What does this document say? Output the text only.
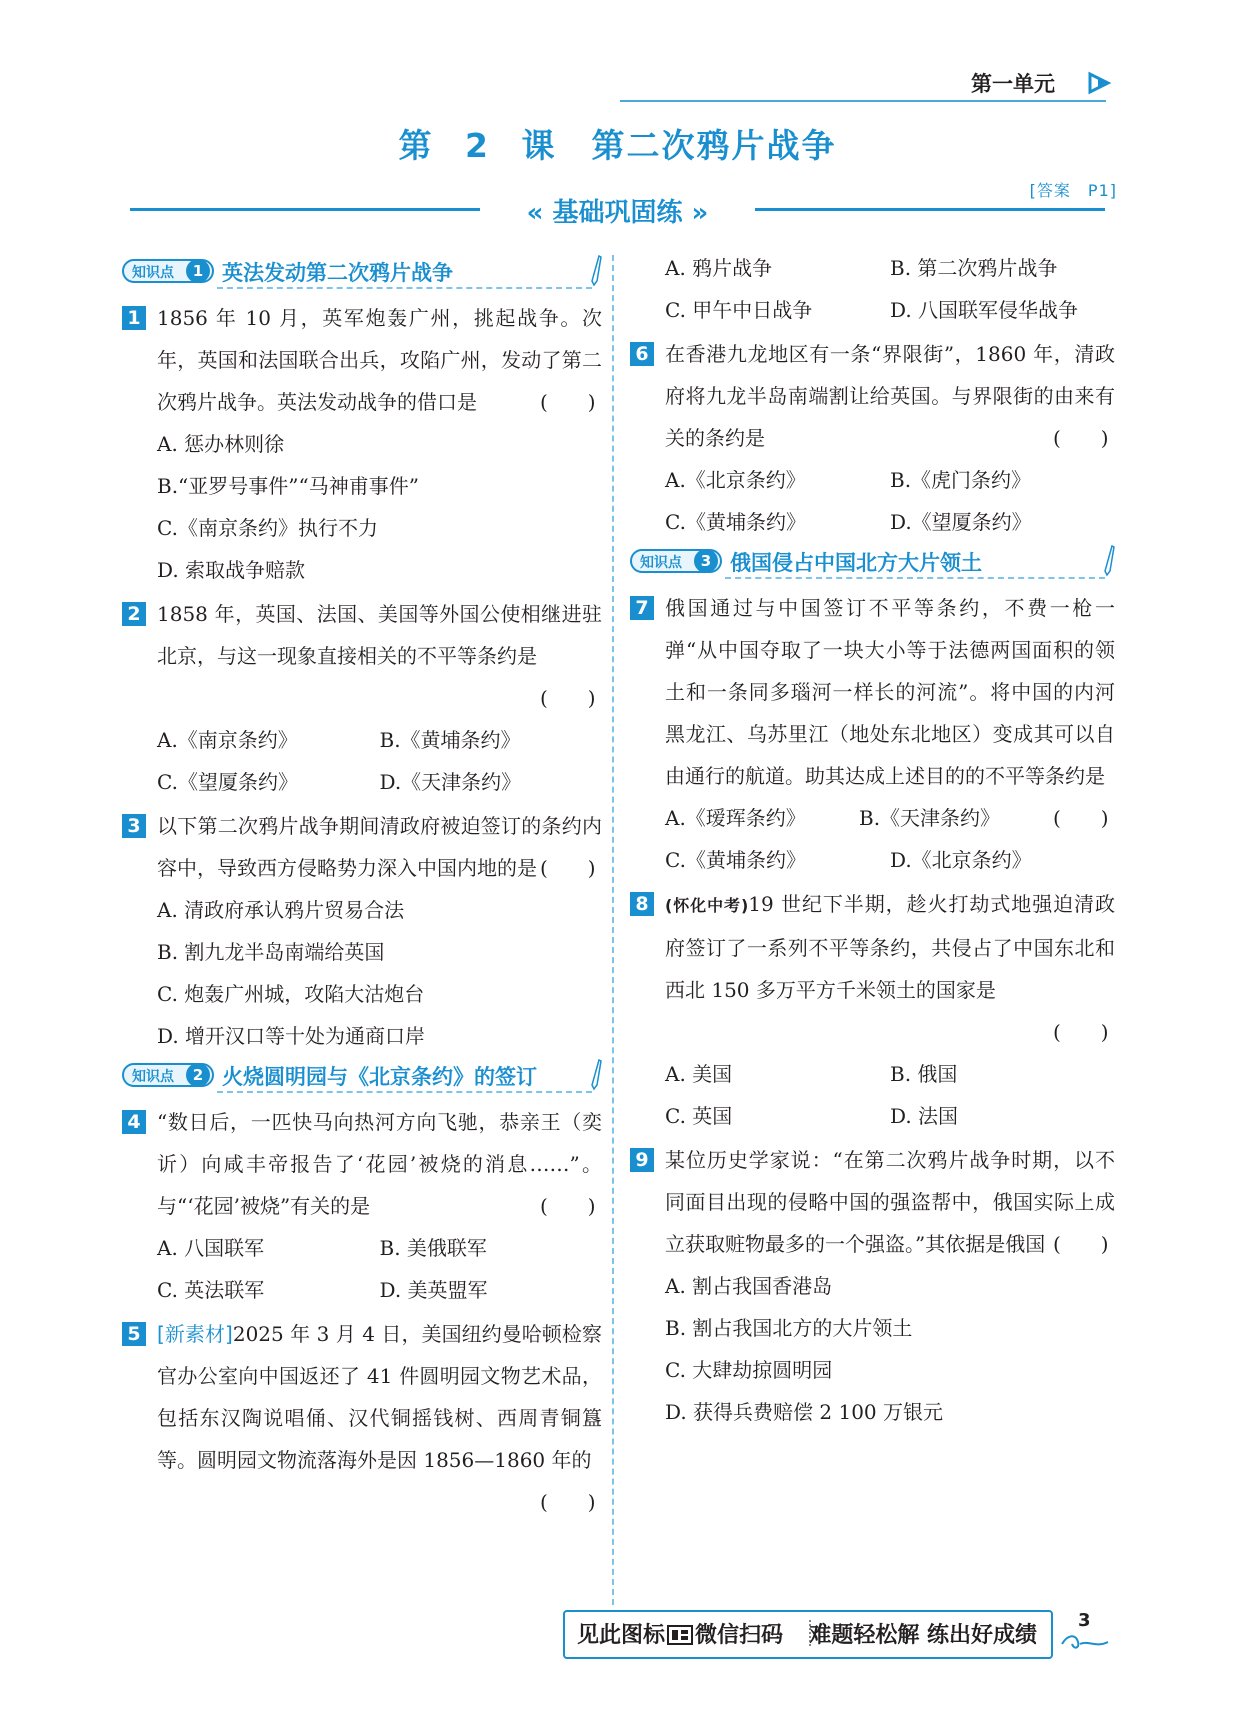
第一单元
第 2 课　第二次鸦片战争
[答案　P1]
« 基础巩固练 »
知识点	1 英法发动第二次鸦片战争
1 1856 年 10 月，英军炮轰广州，挑起战争。次年，英国和法国联合出兵，攻陷广州，发动了第二次鸦片战争。英法发动战争的借口是	(　　)
A. 惩办林则徐
B.“亚罗号事件”“马神甫事件”
C.《南京条约》执行不力
D. 索取战争赔款
2 1858 年，英国、法国、美国等外国公使相继进驻北京，与这一现象直接相关的不平等条约是
(　　)
A.《南京条约》	B.《黄埔条约》
C.《望厦条约》	D.《天津条约》
3 以下第二次鸦片战争期间清政府被迫签订的条约内容中，导致西方侵略势力深入中国内地的是 (　　)
A. 清政府承认鸦片贸易合法
B. 割九龙半岛南端给英国
C. 炮轰广州城，攻陷大沽炮台
D. 增开汉口等十处为通商口岸
知识点	2 火烧圆明园与《北京条约》的签订
4 “数日后，一匹快马向热河方向飞驰，恭亲王（奕䜣）向咸丰帝报告了‘花园’被烧的消息……”。与“‘花园’被烧”有关的是	(　　)
A. 八国联军	B. 美俄联军
C. 英法联军	D. 美英盟军
5 [新素材]2025 年 3 月 4 日，美国纽约曼哈顿检察官办公室向中国返还了 41 件圆明园文物艺术品，包括东汉陶说唱俑、汉代铜摇钱树、西周青铜簋等。圆明园文物流落海外是因 1856—1860 年的
(　　)
A. 鸦片战争	B. 第二次鸦片战争
C. 甲午中日战争	D. 八国联军侵华战争
6 在香港九龙地区有一条“界限街”，1860 年，清政府将九龙半岛南端割让给英国。与界限街的由来有关的条约是	(　　)
A.《北京条约》	B.《虎门条约》
C.《黄埔条约》	D.《望厦条约》
知识点	3 俄国侵占中国北方大片领土
7 俄国通过与中国签订不平等条约，不费一枪一弹“从中国夺取了一块大小等于法德两国面积的领土和一条同多瑙河一样长的河流”。将中国的内河黑龙江、乌苏里江（地处东北地区）变成其可以自由通行的航道。助其达成上述目的的不平等条约是
(　　)
A.《瑷珲条约》	B.《天津条约》
C.《黄埔条约》	D.《北京条约》
8	(怀化中考)19 世纪下半期，趁火打劫式地强迫清政府签订了一系列不平等条约，共侵占了中国东北和西北 150 多万平方千米领土的国家是
(　　)
A. 美国	B. 俄国
C. 英国	D. 法国
9 某位历史学家说：“在第二次鸦片战争时期，以不同面目出现的侵略中国的强盗帮中，俄国实际上成立获取赃物最多的一个强盗。”其依据是俄国 (　　)
A. 割占我国香港岛
B. 割占我国北方的大片领土
C. 大肆劫掠圆明园
D. 获得兵费赔偿 2 100 万银元
见此图标 微信扫码 难题轻松解 练出好成绩
3
